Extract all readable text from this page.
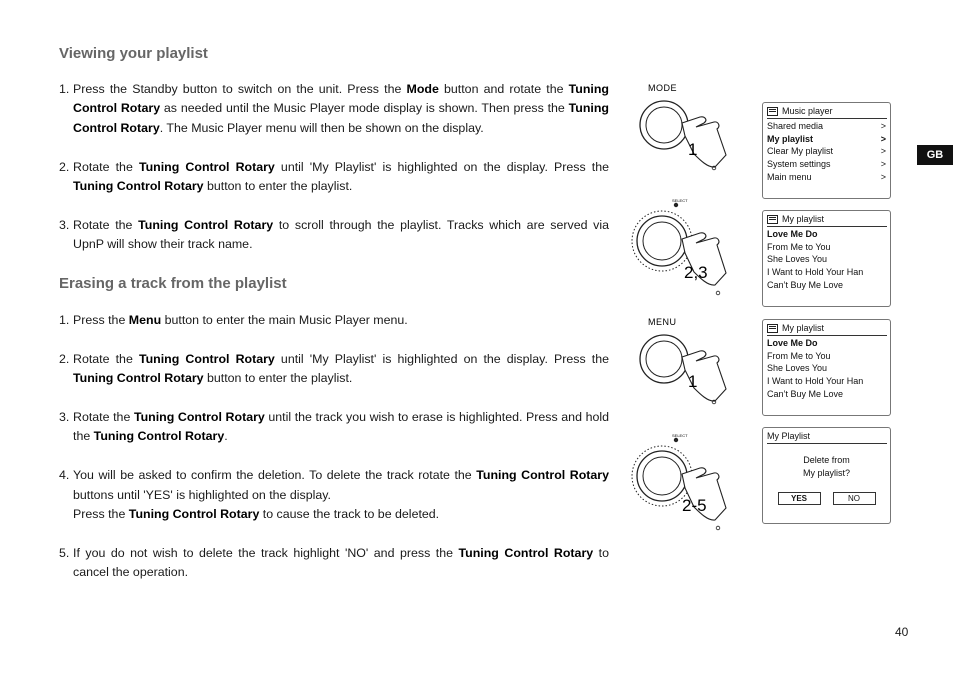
Viewing your playlist
1. Press the Standby button to switch on the unit. Press the Mode button and rotate the Tuning Control Rotary as needed until the Music Player mode display is shown. Then press the Tuning Control Rotary. The Music Player menu will then be shown on the display.
2. Rotate the Tuning Control Rotary until 'My Playlist' is highlighted on the display. Press the Tuning Control Rotary button to enter the playlist.
3. Rotate the Tuning Control Rotary to scroll through the playlist. Tracks which are served via UpnP will show their track name.
Erasing a track from the playlist
1. Press the Menu button to enter the main Music Player menu.
2. Rotate the Tuning Control Rotary until 'My Playlist' is highlighted on the display. Press the Tuning Control Rotary button to enter the playlist.
3. Rotate the Tuning Control Rotary until the track you wish to erase is highlighted. Press and hold the Tuning Control Rotary.
4. You will be asked to confirm the deletion. To delete the track rotate the Tuning Control Rotary buttons until 'YES' is highlighted on the display.
Press the Tuning Control Rotary to cause the track to be deleted.
5. If you do not wish to delete the track highlight 'NO' and press the Tuning Control Rotary to cancel the operation.
GB
40
MODE
1
SELECT
2,3
MENU
1
SELECT
2-5
Music player
Shared media	>
My playlist	>
Clear My playlist	>
System settings	>
Main menu	>
My playlist
Love Me Do
From Me to You
She Loves You
I Want to Hold Your Han
Can’t Buy Me Love
My playlist
Love Me Do
From Me to You
She Loves You
I Want to Hold Your Han
Can’t Buy Me Love
My Playlist
Delete from
My playlist?
YES	NO
